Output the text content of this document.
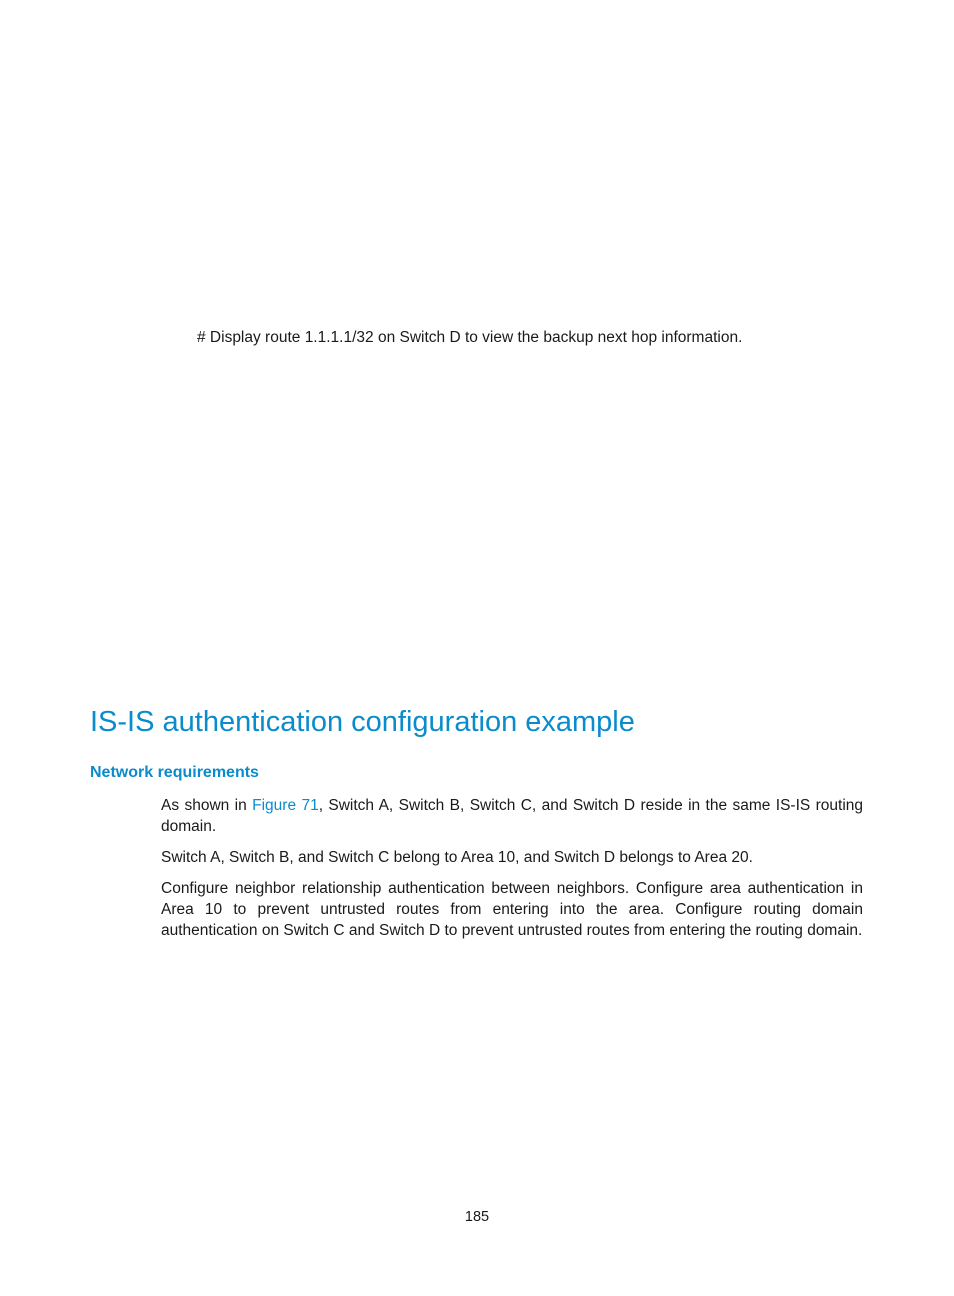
# Display route 1.1.1.1/32 on Switch D to view the backup next hop information.
IS-IS authentication configuration example
Network requirements

As shown in Figure 71, Switch A, Switch B, Switch C, and Switch D reside in the same IS-IS routing domain.

Switch A, Switch B, and Switch C belong to Area 10, and Switch D belongs to Area 20.

Configure neighbor relationship authentication between neighbors. Configure area authentication in Area 10 to prevent untrusted routes from entering into the area. Configure routing domain authentication on Switch C and Switch D to prevent untrusted routes from entering the routing domain.

185
